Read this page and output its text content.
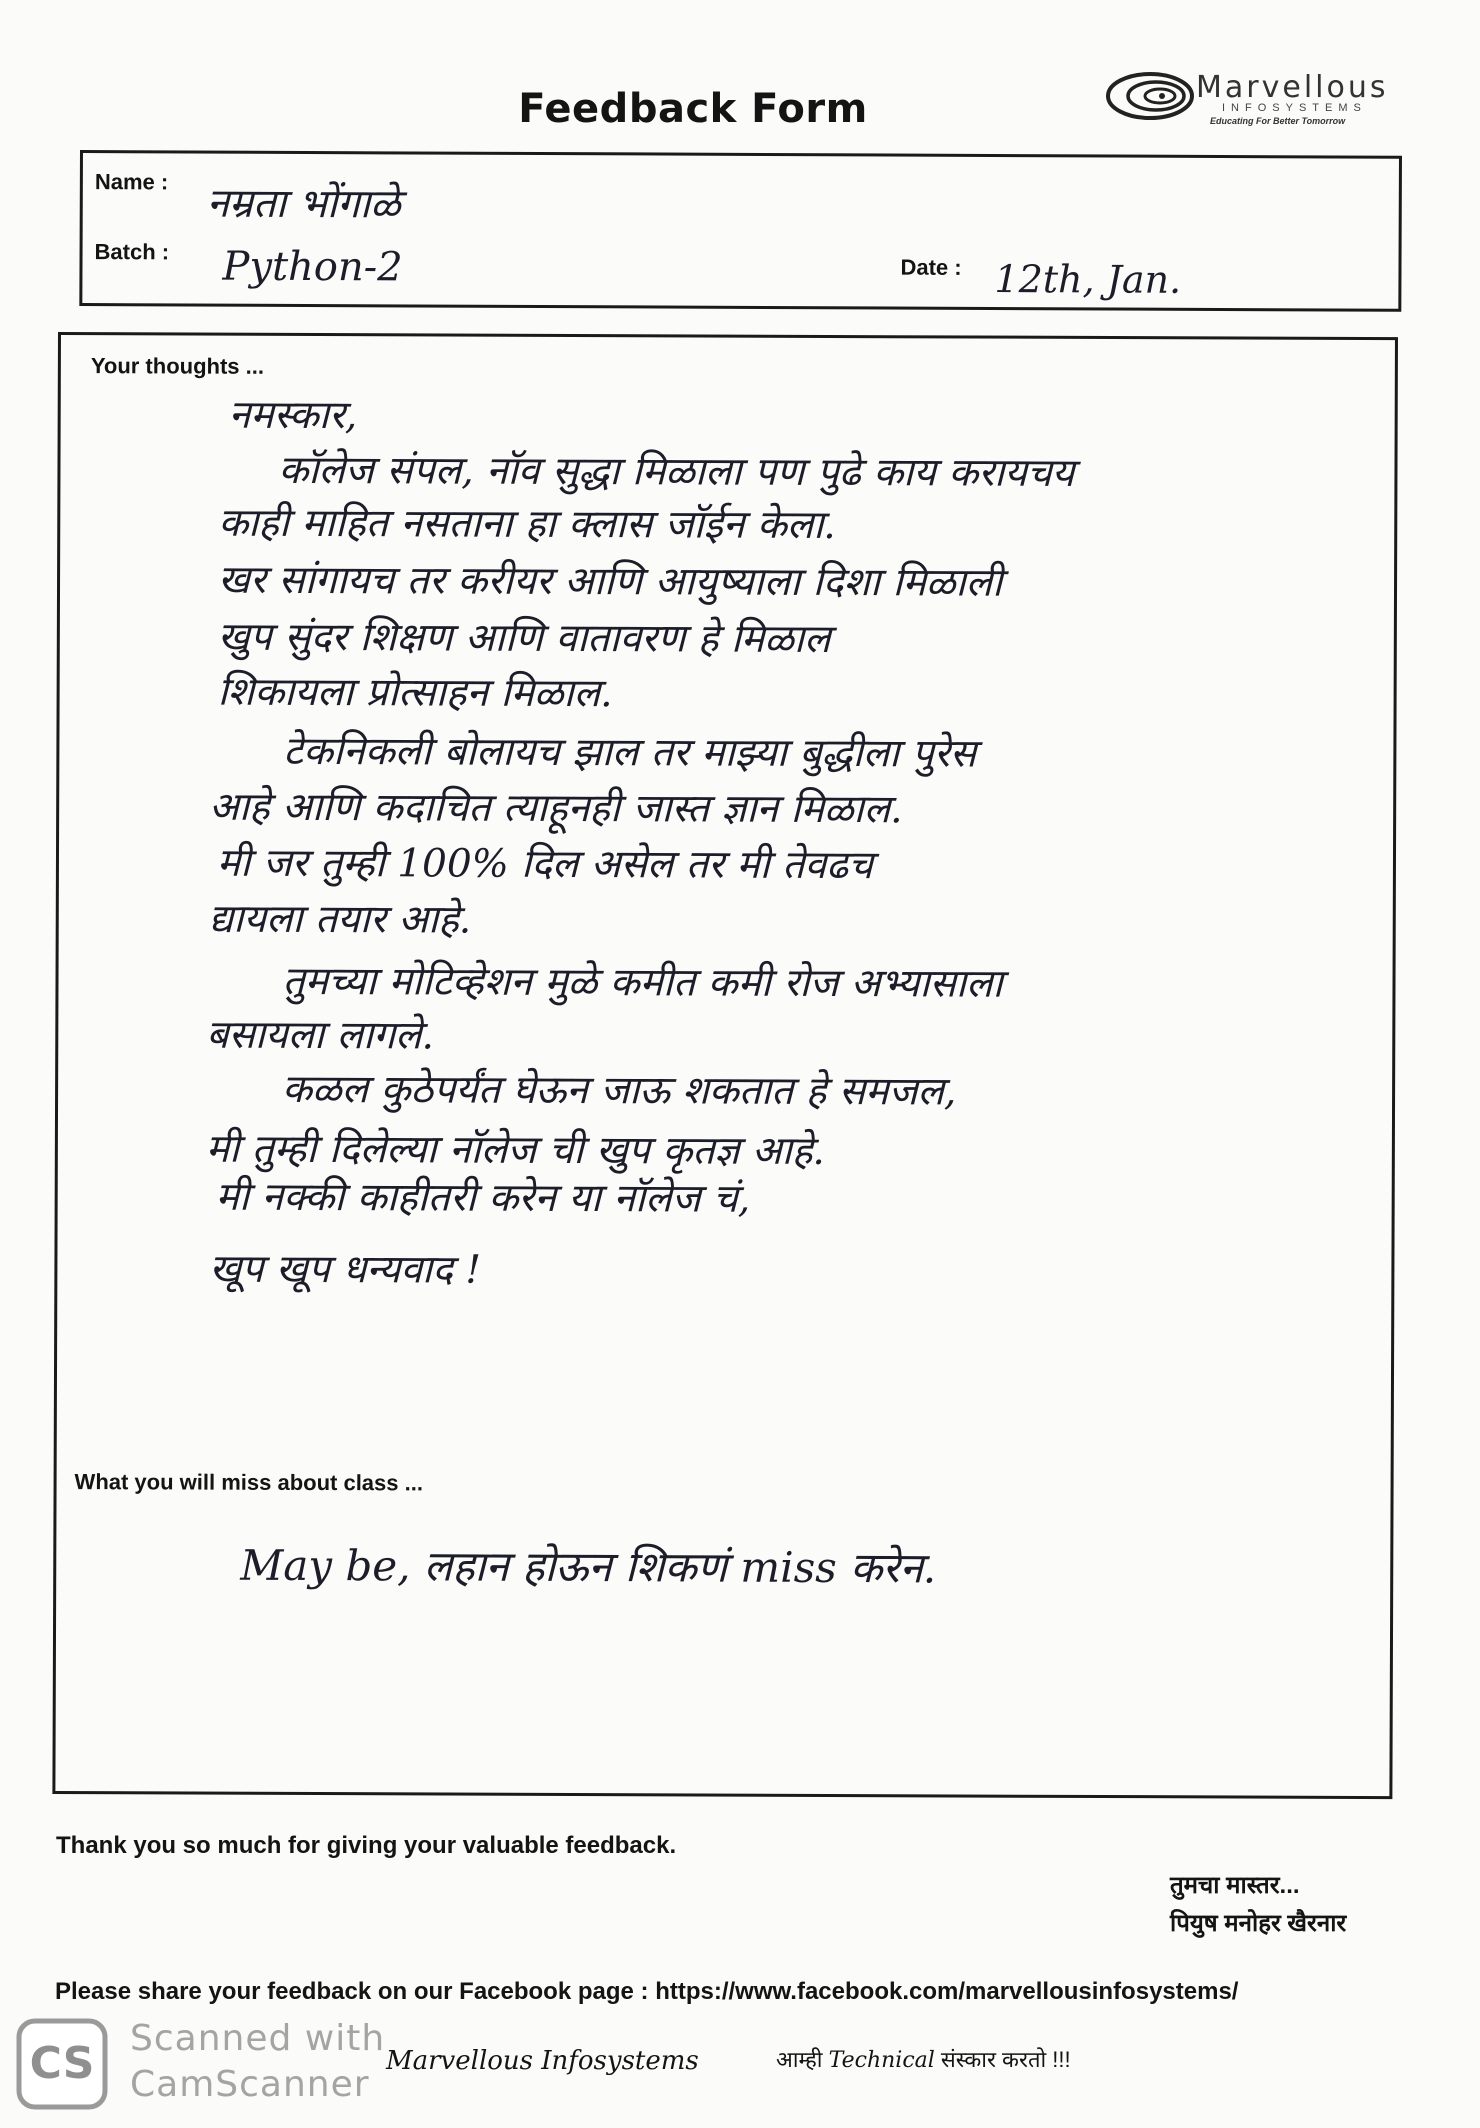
Feedback Form	Marvellous
INFOSYSTEMS
Educating For Better Tomorrow
Name : नम्रता भोंगाळे
Batch : Python-2	Date : 12th, Jan.
Your thoughts ...
नमस्कार,
कॉलेज संपल, नॉव सुद्धा मिळाला पण पुढे काय करायचय
काही माहित नसताना हा क्लास जॉईन केला.
खर सांगायच तर करीयर आणि आयुष्याला दिशा मिळाली
खुप सुंदर शिक्षण आणि वातावरण हे मिळाल
शिकायला प्रोत्साहन मिळाल.
टेकनिकली बोलायच झाल तर माझ्या बुद्धीला पुरेस
आहे आणि कदाचित त्याहूनही जास्त ज्ञान मिळाल.
मी जर तुम्ही 100% दिल असेल तर मी तेवढच
द्यायला तयार आहे.
तुमच्या मोटिव्हेशन मुळे कमीत कमी रोज अभ्यासाला
बसायला लागले.
कळल कुठेपर्यंत घेऊन जाऊ शकतात हे समजल,
मी तुम्ही दिलेल्या नॉलेज ची खुप कृतज्ञ आहे.
मी नक्की काहीतरी करेन या नॉलेज चं,
खूप खूप धन्यवाद !
What you will miss about class ...
May be, लहान होऊन शिकणं miss करेन.
Thank you so much for giving your valuable feedback.
तुमचा मास्तर...
पियुष मनोहर खैरनार
Please share your feedback on our Facebook page : https://www.facebook.com/marvellousinfosystems/
CS Scanned with
CamScanner
Marvellous Infosystems	आम्ही Technical संस्कार करतो !!!
